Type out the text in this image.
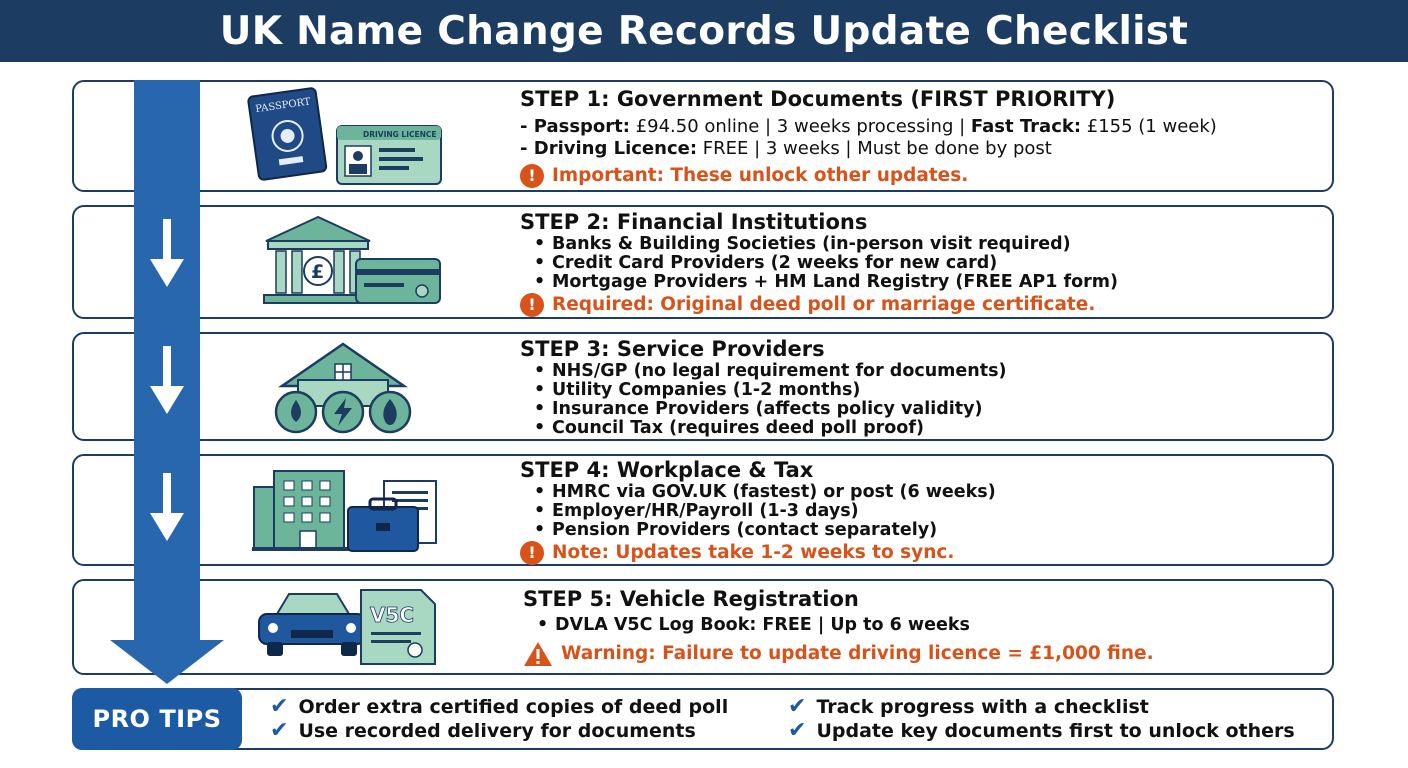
UK Name Change Records Update Checklist
PASSPORT
DRIVING LICENCE
£
V5C
STEP 1: Government Documents (FIRST PRIORITY)
- Passport: £94.50 online | 3 weeks processing | Fast Track: £155 (1 week)
- Driving Licence: FREE | 3 weeks | Must be done by post
! Important: These unlock other updates.
STEP 2: Financial Institutions
• Banks & Building Societies (in-person visit required)
• Credit Card Providers (2 weeks for new card)
• Mortgage Providers + HM Land Registry (FREE AP1 form)
! Required: Original deed poll or marriage certificate.
STEP 3: Service Providers
• NHS/GP (no legal requirement for documents)
• Utility Companies (1-2 months)
• Insurance Providers (affects policy validity)
• Council Tax (requires deed poll proof)
STEP 4: Workplace & Tax
• HMRC via GOV.UK (fastest) or post (6 weeks)
• Employer/HR/Payroll (1-3 days)
• Pension Providers (contact separately)
! Note: Updates take 1-2 weeks to sync.
STEP 5: Vehicle Registration
• DVLA V5C Log Book: FREE | Up to 6 weeks
Warning: Failure to update driving licence = £1,000 fine.
PRO TIPS	✔ Order extra certified copies of deed poll
✔ Use recorded delivery for documents
✔ Track progress with a checklist
✔ Update key documents first to unlock others
